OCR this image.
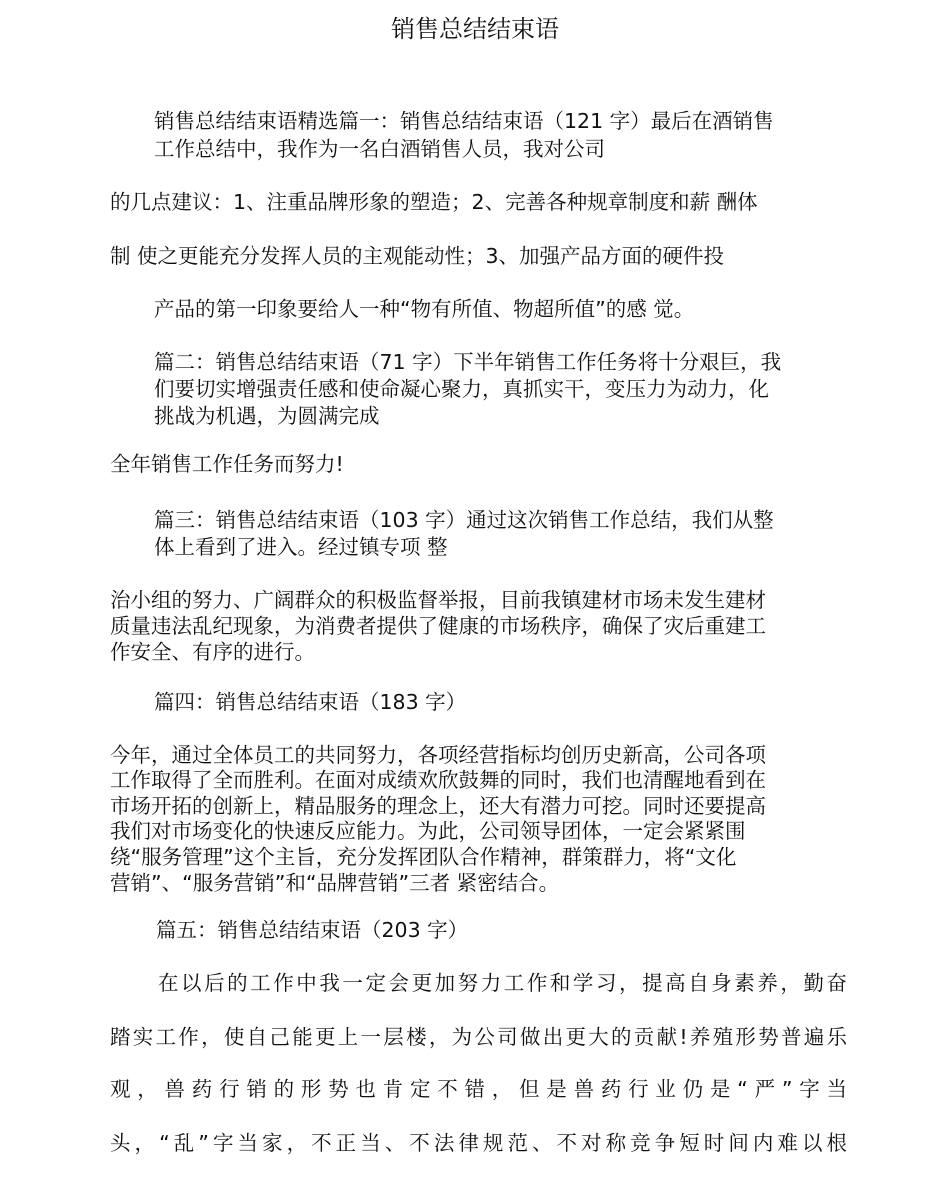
销售总结结束语

销售总结结束语精选篇一：销售总结结束语（121 字）最后在酒销售

工作总结中，我作为一名白酒销售人员，我对公司

的几点建议：1、注重品牌形象的塑造；2、完善各种规章制度和薪 酬体

制 使之更能充分发挥人员的主观能动性；3、加强产品方面的硬件投

产品的第一印象要给人一种“物有所值、物超所值”的感 觉。

篇二：销售总结结束语（71 字）下半年销售工作任务将十分艰巨，我

们要切实增强责任感和使命凝心聚力，真抓实干，变压力为动力，化

挑战为机遇，为圆满完成

全年销售工作任务而努力!

篇三：销售总结结束语（103 字）通过这次销售工作总结，我们从整

体上看到了进入。经过镇专项 整

治小组的努力、广阔群众的积极监督举报，目前我镇建材市场未发生建材

质量违法乱纪现象，为消费者提供了健康的市场秩序，确保了灾后重建工

作安全、有序的进行。

篇四：销售总结结束语（183 字）

今年，通过全体员工的共同努力，各项经营指标均创历史新高，公司各项

工作取得了全而胜利。在面对成绩欢欣鼓舞的同时，我们也清醒地看到在

市场开拓的创新上，精品服务的理念上，还大有潜力可挖。同时还要提高

我们对市场变化的快速反应能力。为此，公司领导团体，一定会紧紧围

绕“服务管理”这个主旨，充分发挥团队合作精神，群策群力，将“文化

营销”、“服务营销”和“品牌营销”三者 紧密结合。

篇五：销售总结结束语（203 字）

在以后的工作中我一定会更加努力工作和学习，提高自身素养，勤奋

踏实工作，使自己能更上一层楼，为公司做出更大的贡献!养殖形势普遍乐

观，兽药行销的形势也肯定不错，但是兽药行业仍是“严”字当

头，“乱”字当家，不正当、不法律规范、不对称竞争短时间内难以根
